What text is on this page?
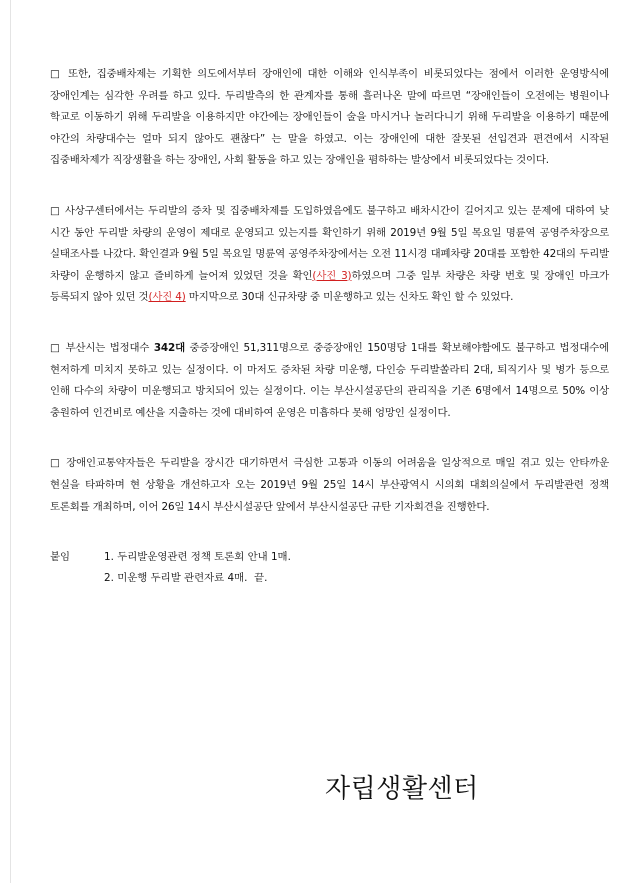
□ 또한, 집중배차제는 기획한 의도에서부터 장애인에 대한 이해와 인식부족이 비롯되었다는 점에서 이러한 운영방식에 장애인계는 심각한 우려를 하고 있다. 두리발측의 한 관계자를 통해 흘러나온 말에 따르면 “장애인들이 오전에는 병원이나 학교로 이동하기 위해 두리발을 이용하지만 야간에는 장애인들이 술을 마시거나 놀러다니기 위해 두리발을 이용하기 때문에 야간의 차량대수는 얼마 되지 않아도 괜찮다” 는 말을 하였고. 이는 장애인에 대한 잘못된 선입견과 편견에서 시작된 집중배차제가 직장생활을 하는 장애인, 사회 활동을 하고 있는 장애인을 폄하하는 발상에서 비롯되었다는 것이다.

□ 사상구센터에서는 두리발의 증차 및 집중배차제를 도입하였음에도 불구하고 배차시간이 길어지고 있는 문제에 대하여 낮 시간 동안 두리발 차량의 운영이 제대로 운영되고 있는지를 확인하기 위해 2019년 9월 5일 목요일 명륜역 공영주차장으로 실태조사를 나갔다. 확인결과 9월 5일 목요일 명륜역 공영주차장에서는 오전 11시경 대폐차량 20대를 포함한 42대의 두리발 차량이 운행하지 않고 즐비하게 늘어져 있었던 것을 확인(사진 3)하였으며 그중 일부 차량은 차량 번호 및 장애인 마크가 등록되지 않아 있던 것(사진 4) 마지막으로 30대 신규차량 중 미운행하고 있는 신차도 확인 할 수 있었다.

□ 부산시는 법정대수 342대 중증장애인 51,311명으로 중증장애인 150명당 1대를 확보해야함에도 불구하고 법정대수에 현저하게 미치지 못하고 있는 실정이다. 이 마저도 증차된 차량 미운행, 다인승 두리발쏠라티 2대, 퇴직기사 및 병가 등으로 인해 다수의 차량이 미운행되고 방치되어 있는 실정이다. 이는 부산시설공단의 관리직을 기존 6명에서 14명으로 50% 이상 충원하여 인건비로 예산을 지출하는 것에 대비하여 운영은 미흡하다 못해 엉망인 실정이다.

□ 장애인교통약자들은 두리발을 장시간 대기하면서 극심한 고통과 이동의 어려움을 일상적으로 매일 겪고 있는 안타까운 현실을 타파하며 현 상황을 개선하고자 오는 2019년 9월 25일 14시 부산광역시 시의회 대회의실에서 두리발관련 정책 토론회를 개최하며, 이어 26일 14시 부산시설공단 앞에서 부산시설공단 규탄 기자회견을 진행한다.

붙임	1. 두리발운영관련 정책 토론회 안내 1매.
2. 미운행 두리발 관련자료 4매.  끝.
자립생활센터
